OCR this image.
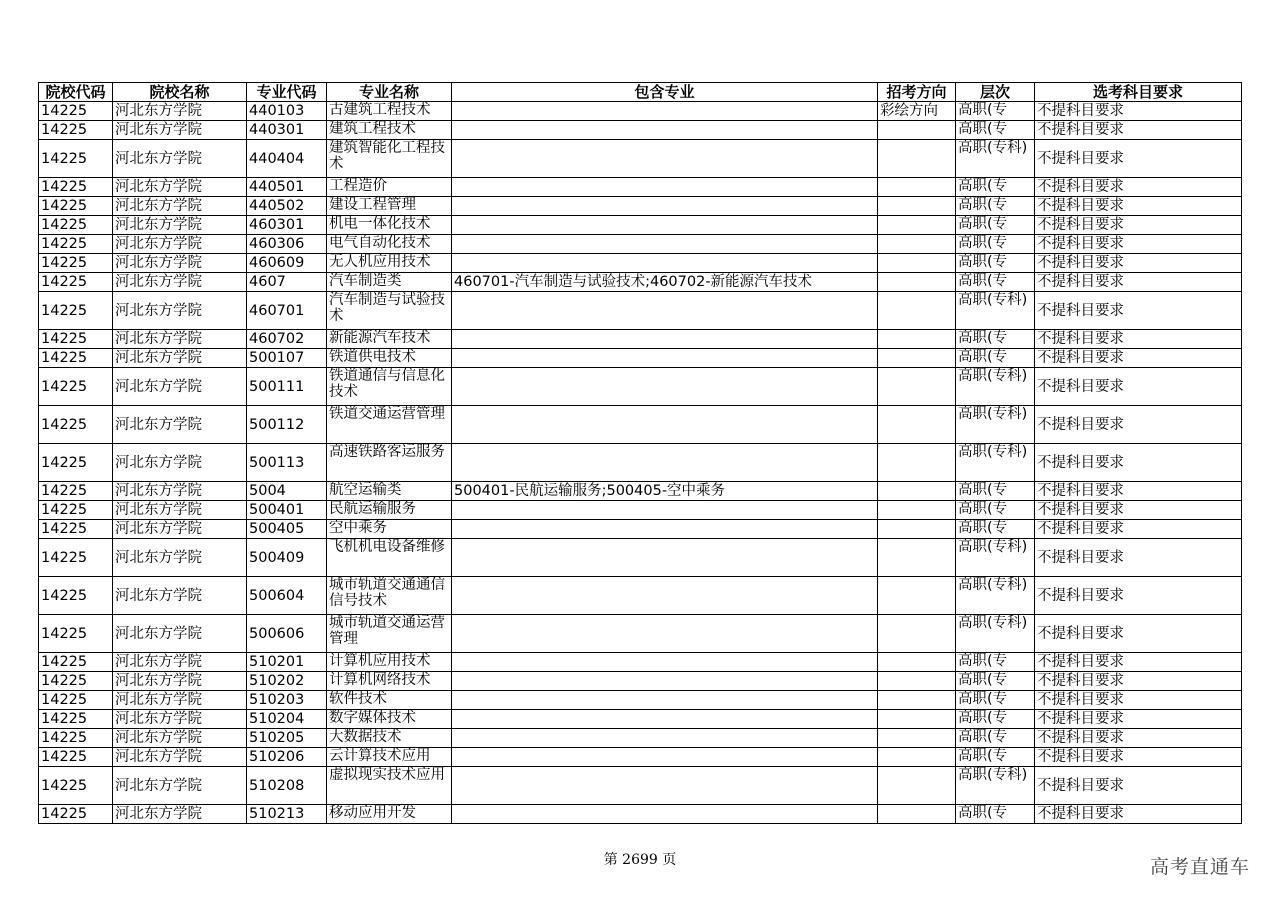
院校代码	院校名称	专业代码	专业名称	包含专业	招考方向	层次	选考科目要求
14225	河北东方学院	440103	古建筑工程技术		彩绘方向	高职(专	不提科目要求
14225	河北东方学院	440301	建筑工程技术			高职(专	不提科目要求
14225	河北东方学院	440404	建筑智能化工程技术			高职(专科)	不提科目要求
14225	河北东方学院	440501	工程造价			高职(专	不提科目要求
14225	河北东方学院	440502	建设工程管理			高职(专	不提科目要求
14225	河北东方学院	460301	机电一体化技术			高职(专	不提科目要求
14225	河北东方学院	460306	电气自动化技术			高职(专	不提科目要求
14225	河北东方学院	460609	无人机应用技术			高职(专	不提科目要求
14225	河北东方学院	4607	汽车制造类	460701-汽车制造与试验技术;460702-新能源汽车技术		高职(专	不提科目要求
14225	河北东方学院	460701	汽车制造与试验技术			高职(专科)	不提科目要求
14225	河北东方学院	460702	新能源汽车技术			高职(专	不提科目要求
14225	河北东方学院	500107	铁道供电技术			高职(专	不提科目要求
14225	河北东方学院	500111	铁道通信与信息化技术			高职(专科)	不提科目要求
14225	河北东方学院	500112	铁道交通运营管理			高职(专科)	不提科目要求
14225	河北东方学院	500113	高速铁路客运服务			高职(专科)	不提科目要求
14225	河北东方学院	5004	航空运输类	500401-民航运输服务;500405-空中乘务		高职(专	不提科目要求
14225	河北东方学院	500401	民航运输服务			高职(专	不提科目要求
14225	河北东方学院	500405	空中乘务			高职(专	不提科目要求
14225	河北东方学院	500409	飞机机电设备维修			高职(专科)	不提科目要求
14225	河北东方学院	500604	城市轨道交通通信信号技术			高职(专科)	不提科目要求
14225	河北东方学院	500606	城市轨道交通运营管理			高职(专科)	不提科目要求
14225	河北东方学院	510201	计算机应用技术			高职(专	不提科目要求
14225	河北东方学院	510202	计算机网络技术			高职(专	不提科目要求
14225	河北东方学院	510203	软件技术			高职(专	不提科目要求
14225	河北东方学院	510204	数字媒体技术			高职(专	不提科目要求
14225	河北东方学院	510205	大数据技术			高职(专	不提科目要求
14225	河北东方学院	510206	云计算技术应用			高职(专	不提科目要求
14225	河北东方学院	510208	虚拟现实技术应用			高职(专科)	不提科目要求
14225	河北东方学院	510213	移动应用开发			高职(专	不提科目要求
第 2699 页	高考直通车
